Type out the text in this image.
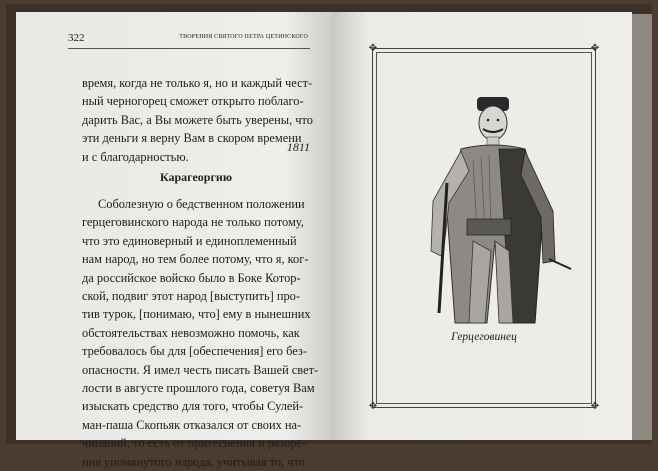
322	ТВОРЕНИЯ СВЯТОГО ПЕТРА ЦЕТИНСКОГО
время, когда не только я, но и каждый чест-
ный черногорец сможет открыто поблаго-
дарить Вас, а Вы можете быть уверены, что
эти деньги я верну Вам в скором времени
и с благодарностью.
1811
Карагеоргию
Соболезную о бедственном положении
герцеговинского народа не только потому,
что это единоверный и единоплеменный
нам народ, но тем более потому, что я, ког-
да российское войско было в Боке Котор-
ской, подвиг этот народ [выступить] про-
тив турок, [понимаю, что] ему в нынешних
обстоятельствах невозможно помочь, как
требовалось бы для [обеспечения] его без-
опасности. Я имел честь писать Вашей свет-
лости в августе прошлого года, советуя Вам
изыскать средство для того, чтобы Сулей-
ман-паша Скопьяк отказался от своих на-
чинаний, то есть от притеснения и разоре-
ния упомянутого народа, учитывая то, что
✥	✥
✥	✥
Герцеговинец
